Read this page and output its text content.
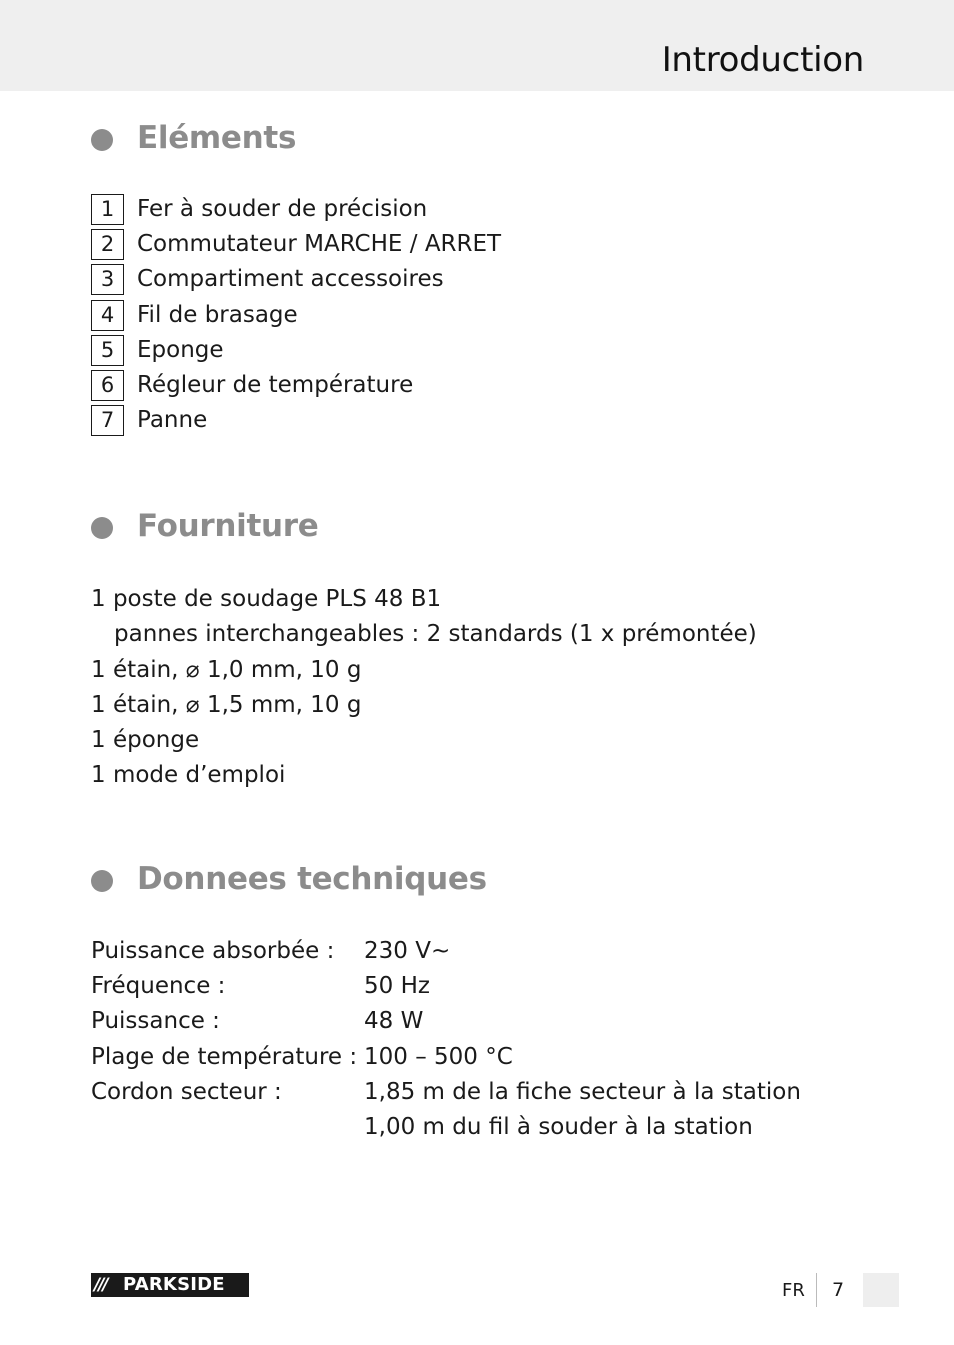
Introduction
Eléments
1 Fer à souder de précision
2 Commutateur MARCHE / ARRET
3 Compartiment accessoires
4 Fil de brasage
5 Eponge
6 Régleur de température
7 Panne
Fourniture
1 poste de soudage PLS 48 B1
pannes interchangeables : 2 standards (1 x prémontée)
1 étain, ⌀ 1,0 mm, 10 g
1 étain, ⌀ 1,5 mm, 10 g
1 éponge
1 mode d’emploi
Donnees techniques
Puissance absorbée : 230 V~
Fréquence :	50 Hz
Puissance :	48 W
Plage de température : 100 – 500 °C
Cordon secteur :	1,85 m de la fiche secteur à la station
1,00 m du fil à souder à la station
/// PARKSIDE	FR 7
